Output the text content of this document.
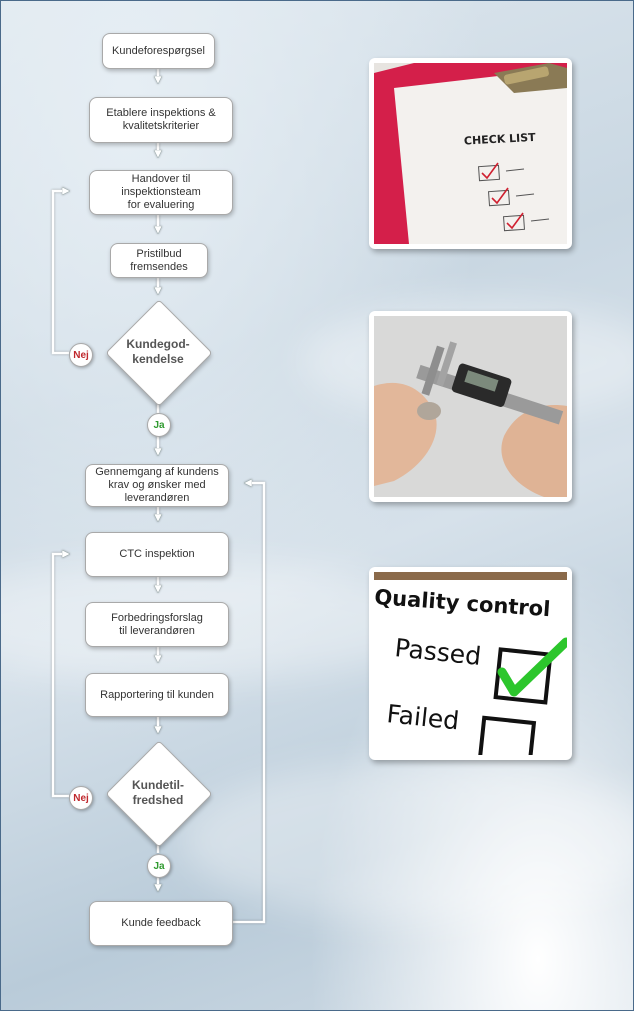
Kundeforespørgsel
Etablere inspektions &
kvalitetskriterier
Handover til
inspektionsteam
for evaluering
Pristilbud
fremsendes
Kundegod-
kendelse
Nej
Ja
Gennemgang af kundens
krav og ønsker med
leverandøren
CTC inspektion
Forbedringsforslag
til leverandøren
Rapportering til kunden
Kundetil-
fredshed
Nej
Ja
Kunde feedback
CHECK LIST
Quality control
Passed
Failed
